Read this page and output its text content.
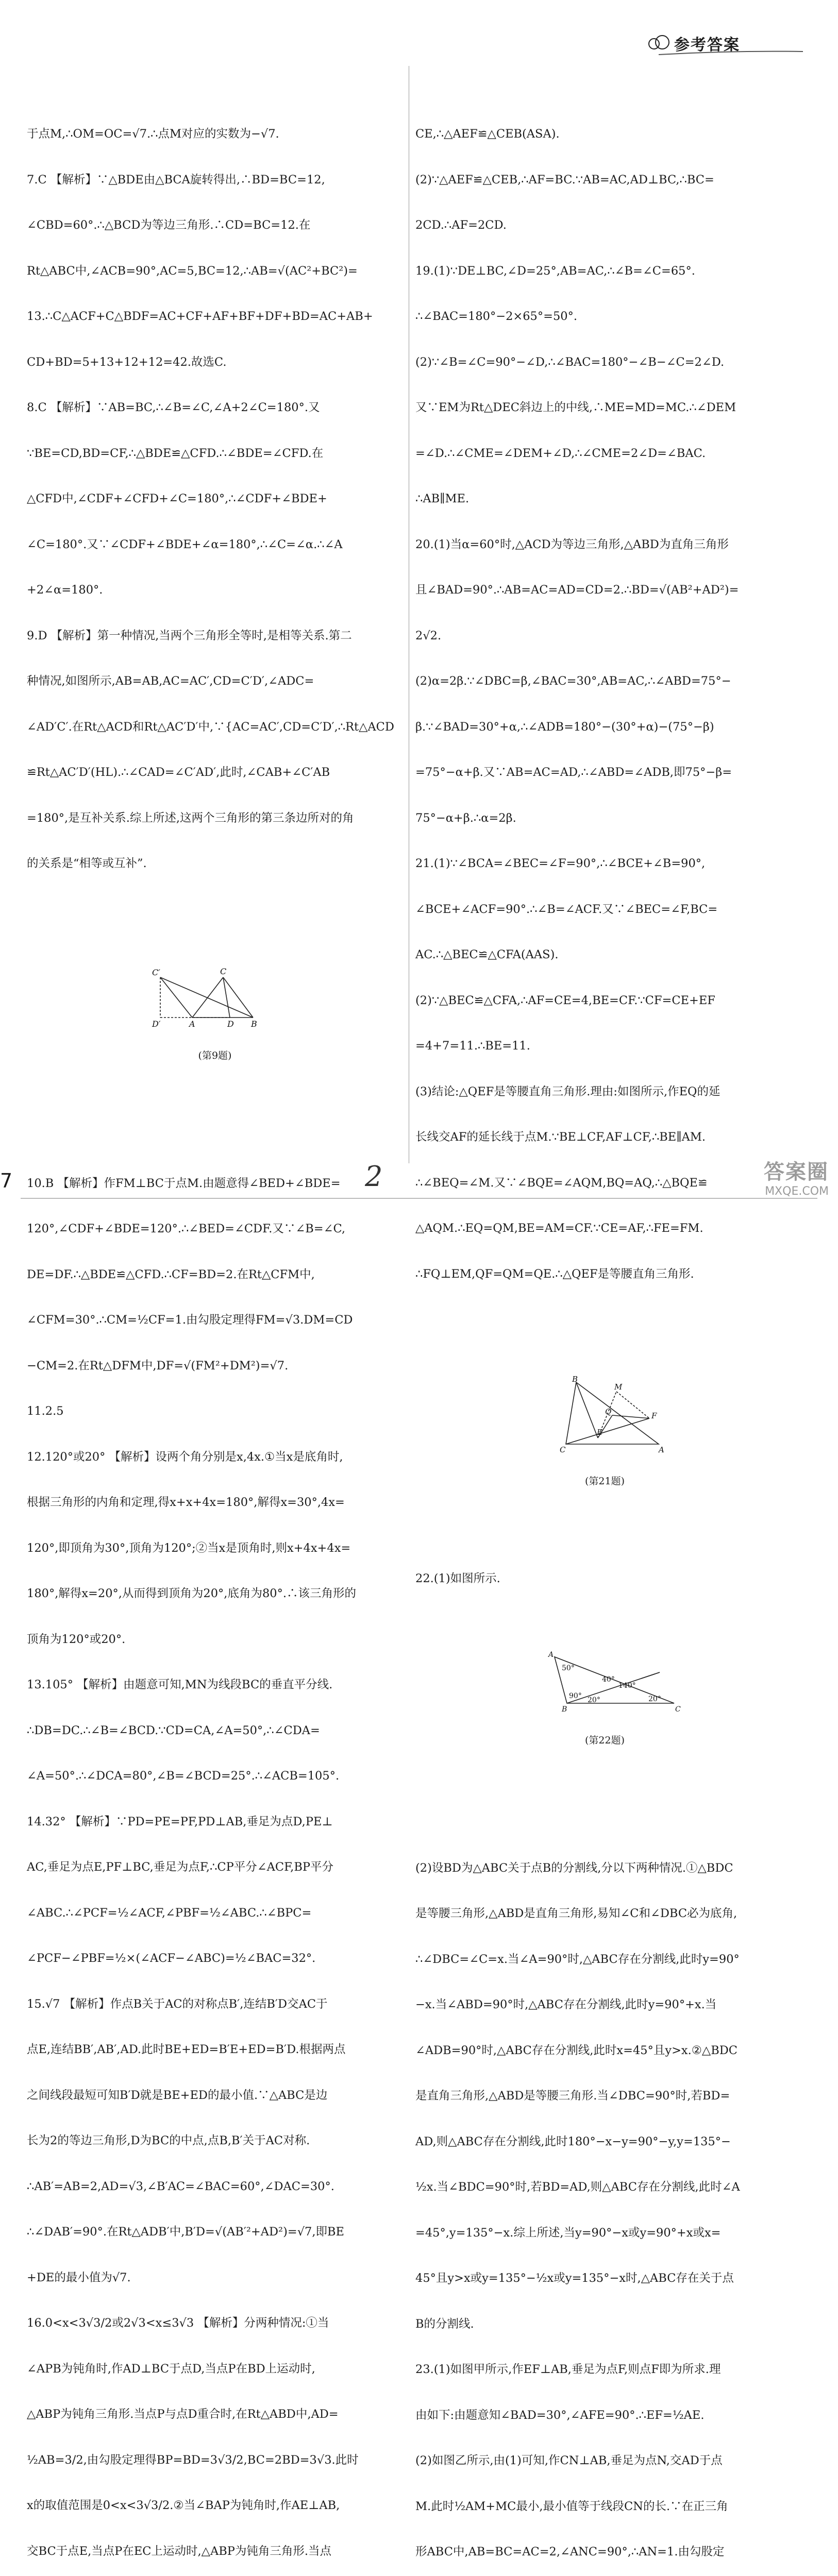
参考答案

于点M,∴OM=OC=√7.∴点M对应的实数为−√7.

7.C 【解析】∵△BDE由△BCA旋转得出,∴BD=BC=12,

∠CBD=60°.∴△BCD为等边三角形.∴CD=BC=12.在

Rt△ABC中,∠ACB=90°,AC=5,BC=12,∴AB=√(AC²+BC²)=

13.∴C△ACF+C△BDF=AC+CF+AF+BF+DF+BD=AC+AB+

CD+BD=5+13+12+12=42.故选C.

8.C 【解析】∵AB=BC,∴∠B=∠C,∠A+2∠C=180°.又

∵BE=CD,BD=CF,∴△BDE≌△CFD.∴∠BDE=∠CFD.在

△CFD中,∠CDF+∠CFD+∠C=180°,∴∠CDF+∠BDE+

∠C=180°.又∵∠CDF+∠BDE+∠α=180°,∴∠C=∠α.∴∠A

+2∠α=180°.

9.D 【解析】第一种情况,当两个三角形全等时,是相等关系.第二

种情况,如图所示,AB=AB,AC=AC′,CD=C′D′,∠ADC=

∠AD′C′.在Rt△ACD和Rt△AC′D′中,∵{AC=AC′,CD=C′D′,∴Rt△ACD

≌Rt△AC′D′(HL).∴∠CAD=∠C′AD′,此时,∠CAB+∠C′AB

=180°,是互补关系.综上所述,这两个三角形的第三条边所对的角

的关系是“相等或互补”.

C′	C
D′	A	D B

(第9题)

10.B 【解析】作FM⊥BC于点M.由题意得∠BED+∠BDE=

120°,∠CDF+∠BDE=120°.∴∠BED=∠CDF.又∵∠B=∠C,

DE=DF.∴△BDE≌△CFD.∴CF=BD=2.在Rt△CFM中,

∠CFM=30°.∴CM=½CF=1.由勾股定理得FM=√3.DM=CD

−CM=2.在Rt△DFM中,DF=√(FM²+DM²)=√7.

11.2.5

12.120°或20° 【解析】设两个角分别是x,4x.①当x是底角时,

根据三角形的内角和定理,得x+x+4x=180°,解得x=30°,4x=

120°,即顶角为30°,顶角为120°;②当x是顶角时,则x+4x+4x=

180°,解得x=20°,从而得到顶角为20°,底角为80°.∴该三角形的

顶角为120°或20°.

13.105° 【解析】由题意可知,MN为线段BC的垂直平分线.

∴DB=DC.∴∠B=∠BCD.∵CD=CA,∠A=50°,∴∠CDA=

∠A=50°.∴∠DCA=80°,∠B=∠BCD=25°.∴∠ACB=105°.

14.32° 【解析】∵PD=PE=PF,PD⊥AB,垂足为点D,PE⊥

AC,垂足为点E,PF⊥BC,垂足为点F,∴CP平分∠ACF,BP平分

∠ABC.∴∠PCF=½∠ACF,∠PBF=½∠ABC.∴∠BPC=

∠PCF−∠PBF=½×(∠ACF−∠ABC)=½∠BAC=32°.

15.√7 【解析】作点B关于AC的对称点B′,连结B′D交AC于

点E,连结BB′,AB′,AD.此时BE+ED=B′E+ED=B′D.根据两点

之间线段最短可知B′D就是BE+ED的最小值.∵△ABC是边

长为2的等边三角形,D为BC的中点,点B,B′关于AC对称.

∴AB′=AB=2,AD=√3,∠B′AC=∠BAC=60°,∠DAC=30°.

∴∠DAB′=90°.在Rt△ADB′中,B′D=√(AB′²+AD²)=√7,即BE

+DE的最小值为√7.

16.0<x<3√3/2或2√3<x≤3√3 【解析】分两种情况:①当

∠APB为钝角时,作AD⊥BC于点D,当点P在BD上运动时,

△ABP为钝角三角形.当点P与点D重合时,在Rt△ABD中,AD=

½AB=3/2,由勾股定理得BP=BD=3√3/2,BC=2BD=3√3.此时

x的取值范围是0<x<3√3/2.②当∠BAP为钝角时,作AE⊥AB,

交BC于点E,当点P在EC上运动时,△ABP为钝角三角形.当点

CE,∴△AEF≌△CEB(ASA).

(2)∵△AEF≌△CEB,∴AF=BC.∵AB=AC,AD⊥BC,∴BC=

2CD.∴AF=2CD.

19.(1)∵DE⊥BC,∠D=25°,AB=AC,∴∠B=∠C=65°.

∴∠BAC=180°−2×65°=50°.

(2)∵∠B=∠C=90°−∠D,∴∠BAC=180°−∠B−∠C=2∠D.

又∵EM为Rt△DEC斜边上的中线,∴ME=MD=MC.∴∠DEM

=∠D.∴∠CME=∠DEM+∠D,∴∠CME=2∠D=∠BAC.

∴AB∥ME.

20.(1)当α=60°时,△ACD为等边三角形,△ABD为直角三角形

且∠BAD=90°.∴AB=AC=AD=CD=2.∴BD=√(AB²+AD²)=

2√2.

(2)α=2β.∵∠DBC=β,∠BAC=30°,AB=AC,∴∠ABD=75°−

β.∵∠BAD=30°+α,∴∠ADB=180°−(30°+α)−(75°−β)

=75°−α+β.又∵AB=AC=AD,∴∠ABD=∠ADB,即75°−β=

75°−α+β.∴α=2β.

21.(1)∵∠BCA=∠BEC=∠F=90°,∴∠BCE+∠B=90°,

∠BCE+∠ACF=90°.∴∠B=∠ACF.又∵∠BEC=∠F,BC=

AC.∴△BEC≌△CFA(AAS).

(2)∵△BEC≌△CFA,∴AF=CE=4,BE=CF.∵CF=CE+EF

=4+7=11.∴BE=11.

(3)结论:△QEF是等腰直角三角形.理由:如图所示,作EQ的延

长线交AF的延长线于点M.∵BE⊥CF,AF⊥CF,∴BE∥AM.

∴∠BEQ=∠M.又∵∠BQE=∠AQM,BQ=AQ,∴△BQE≌

△AQM.∴EQ=QM,BE=AM=CF.∵CE=AF,∴FE=FM.

∴FQ⊥EM,QF=QM=QE.∴△QEF是等腰直角三角形.

B
M
Q	F
E
C	A

(第21题)

22.(1)如图所示.

A
50°
40°
140°
90° 20°	20°
B	C

(第22题)

(2)设BD为△ABC关于点B的分割线,分以下两种情况.①△BDC

是等腰三角形,△ABD是直角三角形,易知∠C和∠DBC必为底角,

∴∠DBC=∠C=x.当∠A=90°时,△ABC存在分割线,此时y=90°

−x.当∠ABD=90°时,△ABC存在分割线,此时y=90°+x.当

∠ADB=90°时,△ABC存在分割线,此时x=45°且y>x.②△BDC

是直角三角形,△ABD是等腰三角形.当∠DBC=90°时,若BD=

AD,则△ABC存在分割线,此时180°−x−y=90°−y,y=135°−

½x.当∠BDC=90°时,若BD=AD,则△ABC存在分割线,此时∠A

=45°,y=135°−x.综上所述,当y=90°−x或y=90°+x或x=

45°且y>x或y=135°−½x或y=135°−x时,△ABC存在关于点

B的分割线.

23.(1)如图甲所示,作EF⊥AB,垂足为点F,则点F即为所求.理

由如下:由题意知∠BAD=30°,∠AFE=90°.∴EF=½AE.

(2)如图乙所示,由(1)可知,作CN⊥AB,垂足为点N,交AD于点

M.此时½AM+MC最小,最小值等于线段CN的长.∵在正三角

形ABC中,AB=BC=AC=2,∠ANC=90°,∴AN=1.由勾股定

7	2	答案圈
MXQE.COM
